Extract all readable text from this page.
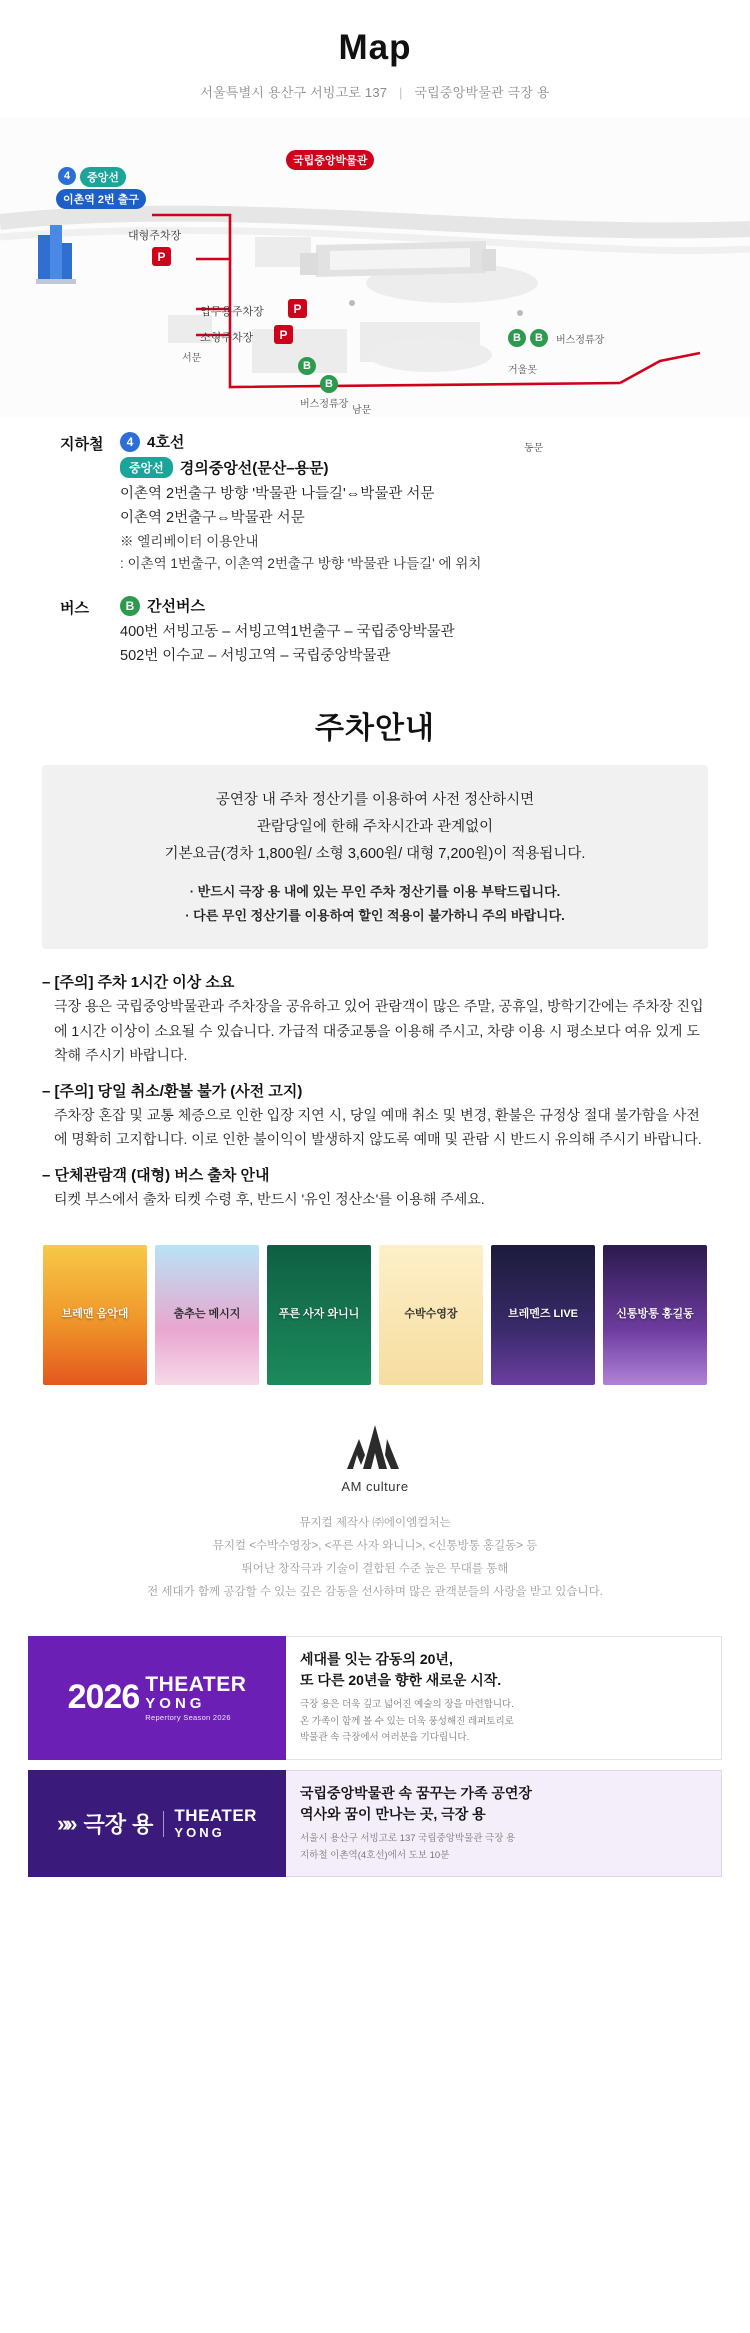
Map
서울특별시 용산구 서빙고로 137 | 국립중앙박물관 극장 용
대형주차장
P
업무용주차장	P
소형주차장	P
서문
남문
동문
거울못
국립중앙박물관
4	중앙선
이촌역 2번 출구
B
B
버스정류장
B	B	버스정류장
지하철	4 4호선
중앙선	경의중앙선(문산–용문)
이촌역 2번출구 방향 '박물관 나들길'⇔박물관 서문
이촌역 2번출구⇔박물관 서문
※ 엘리베이터 이용안내
: 이촌역 1번출구, 이촌역 2번출구 방향 '박물관 나들길' 에 위치
버스	B 간선버스
400번 서빙고동 – 서빙고역1번출구 – 국립중앙박물관
502번 이수교 – 서빙고역 – 국립중앙박물관
주차안내
공연장 내 주차 정산기를 이용하여 사전 정산하시면
관람당일에 한해 주차시간과 관계없이
기본요금(경차 1,800원/ 소형 3,600원/ 대형 7,200원)이 적용됩니다.
· 반드시 극장 용 내에 있는 무인 주차 정산기를 이용 부탁드립니다.
· 다른 무인 정산기를 이용하여 할인 적용이 불가하니 주의 바랍니다.
– [주의] 주차 1시간 이상 소요
극장 용은 국립중앙박물관과 주차장을 공유하고 있어 관람객이 많은 주말, 공휴일, 방학기간에는 주차장 진입에 1시간 이상이 소요될 수 있습니다. 가급적 대중교통을 이용해 주시고, 차량 이용 시 평소보다 여유 있게 도착해 주시기 바랍니다.
– [주의] 당일 취소/환불 불가 (사전 고지)
주차장 혼잡 및 교통 체증으로 인한 입장 지연 시, 당일 예매 취소 및 변경, 환불은 규정상 절대 불가함을 사전에 명확히 고지합니다. 이로 인한 불이익이 발생하지 않도록 예매 및 관람 시 반드시 유의해 주시기 바랍니다.
– 단체관람객 (대형) 버스 출차 안내
티켓 부스에서 출차 티켓 수령 후, 반드시 '유인 정산소'를 이용해 주세요.
브레맨 음악대	춤추는 메시지	푸른 사자 와니니	수박수영장	브레멘즈 LIVE	신통방통 홍길동
AM culture
뮤지컬 제작사 ㈜에이엠컬처는
뮤지컬 <수박수영장>, <푸른 사자 와니니>, <신통방통 홍길동> 등
뛰어난 창작극과 기술이 결합된 수준 높은 무대를 통해
전 세대가 함께 공감할 수 있는 깊은 감동을 선사하며 많은 관객분들의 사랑을 받고 있습니다.
2026 THEATER
YONG
Repertory Season 2026
세대를 잇는 감동의 20년,
또 다른 20년을 향한 새로운 시작.
극장 용은 더욱 깊고 넓어진 예술의 장을 마련합니다.
온 가족이 함께 볼 수 있는 더욱 풍성해진 레퍼토리로
박물관 속 극장에서 여러분을 기다립니다.
»» 극장 용 THEATER
YONG
국립중앙박물관 속 꿈꾸는 가족 공연장
역사와 꿈이 만나는 곳, 극장 용
서울시 용산구 서빙고로 137 국립중앙박물관 극장 용
지하철 이촌역(4호선)에서 도보 10분
